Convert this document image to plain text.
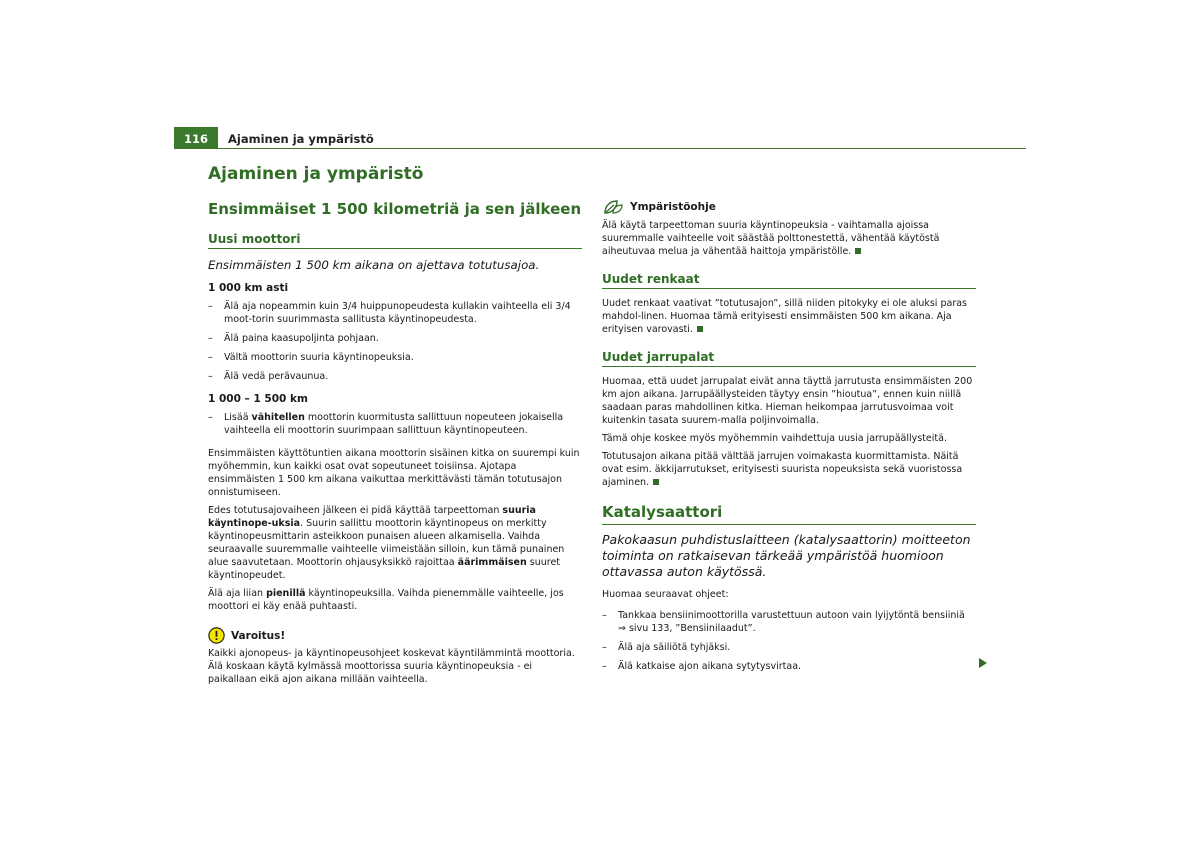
116	Ajaminen ja ympäristö
Ajaminen ja ympäristö
Ensimmäiset 1 500 kilometriä ja sen jälkeen
Uusi moottori

Ensimmäisten 1 500 km aikana on ajettava totutusajoa.

1 000 km asti
– Älä aja nopeammin kuin 3/4 huippunopeudesta kullakin vaihteella eli 3/4 moot-torin suurimmasta sallitusta käyntinopeudesta.
– Älä paina kaasupoljinta pohjaan.
– Vältä moottorin suuria käyntinopeuksia.
– Älä vedä perävaunua.
1 000 – 1 500 km
– Lisää vähitellen moottorin kuormitusta sallittuun nopeuteen jokaisella vaihteella eli moottorin suurimpaan sallittuun käyntinopeuteen.

Ensimmäisten käyttötuntien aikana moottorin sisäinen kitka on suurempi kuin myöhemmin, kun kaikki osat ovat sopeutuneet toisiinsa. Ajotapa ensimmäisten 1 500 km aikana vaikuttaa merkittävästi tämän totutusajon onnistumiseen.

Edes totutusajovaiheen jälkeen ei pidä käyttää tarpeettoman suuria käyntinope-uksia. Suurin sallittu moottorin käyntinopeus on merkitty käyntinopeusmittarin asteikkoon punaisen alueen alkamisella. Vaihda seuraavalle suuremmalle vaihteelle viimeistään silloin, kun tämä punainen alue saavutetaan. Moottorin ohjausyksikkö rajoittaa äärimmäisen suuret käyntinopeudet.

Älä aja liian pienillä käyntinopeuksilla. Vaihda pienemmälle vaihteelle, jos moottori ei käy enää puhtaasti.

Varoitus!

Kaikki ajonopeus- ja käyntinopeusohjeet koskevat käyntilämmintä moottoria. Älä koskaan käytä kylmässä moottorissa suuria käyntinopeuksia - ei paikallaan eikä ajon aikana millään vaihteella.

Ympäristöohje

Älä käytä tarpeettoman suuria käyntinopeuksia - vaihtamalla ajoissa suuremmalle vaihteelle voit säästää polttonestettä, vähentää käytöstä aiheutuvaa melua ja vähentää haittoja ympäristölle.

Uudet renkaat

Uudet renkaat vaativat ”totutusajon”, sillä niiden pitokyky ei ole aluksi paras mahdol-linen. Huomaa tämä erityisesti ensimmäisten 500 km aikana. Aja erityisen varovasti.

Uudet jarrupalat

Huomaa, että uudet jarrupalat eivät anna täyttä jarrutusta ensimmäisten 200 km ajon aikana. Jarrupäällysteiden täytyy ensin ”hioutua”, ennen kuin niillä saadaan paras mahdollinen kitka. Hieman heikompaa jarrutusvoimaa voit kuitenkin tasata suurem-malla poljinvoimalla.

Tämä ohje koskee myös myöhemmin vaihdettuja uusia jarrupäällysteitä.

Totutusajon aikana pitää välttää jarrujen voimakasta kuormittamista. Näitä ovat esim. äkkijarrutukset, erityisesti suurista nopeuksista sekä vuoristossa ajaminen.

Katalysaattori

Pakokaasun puhdistuslaitteen (katalysaattorin) moitteeton toiminta on ratkaisevan tärkeää ympäristöä huomioon ottavassa auton käytössä.

Huomaa seuraavat ohjeet:

– Tankkaa bensiinimoottorilla varustettuun autoon vain lyijytöntä bensiiniä
⇒ sivu 133, ”Bensiinilaadut”.
– Älä aja säiliötä tyhjäksi.
– Älä katkaise ajon aikana sytytysvirtaa.
